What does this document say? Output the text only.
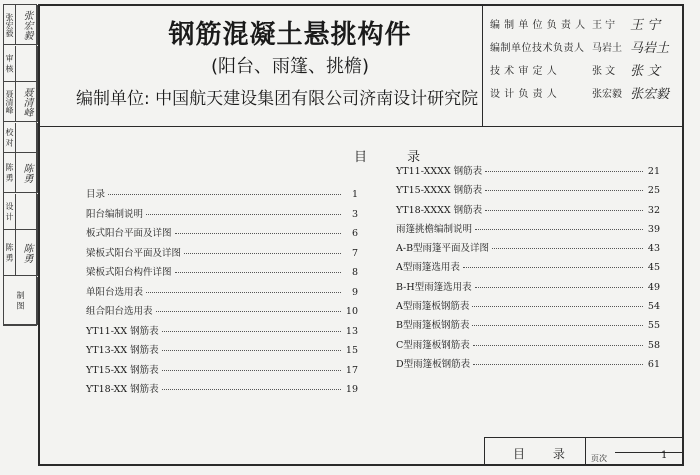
张宏毅 张宏毅
审 核
聂清峰 聂清峰
校 对
陈 勇 陈勇
设 计
陈 勇 陈勇
制 图
钢筋混凝土悬挑构件
(阳台、雨篷、挑檐)
编制单位: 中国航天建设集团有限公司济南设计研究院
编 制 单 位 负 责 人 王 宁	王 宁
编制单位技术负责人 马岩土 马岩土
技 术 审 定 人	张 文	张 文
设 计 负 责 人	张宏毅 张宏毅
目 录
目录	1
阳台编制说明	3
板式阳台平面及详图	6
梁板式阳台平面及详图	7
梁板式阳台构件详图	8
单阳台选用表	9
组合阳台选用表	10
YT11-XX 钢筋表	13
YT13-XX 钢筋表	15
YT15-XX 钢筋表	17
YT18-XX 钢筋表	19
YT11-XXXX 钢筋表	21
YT15-XXXX 钢筋表	25
YT18-XXXX 钢筋表	32
雨篷挑檐编制说明	39
A-B型雨篷平面及详图	43
A型雨篷选用表	45
B-H型雨篷选用表	49
A型雨篷板钢筋表	54
B型雨篷板钢筋表	55
C型雨篷板钢筋表	58
D型雨篷板钢筋表	61
目 录 页次	1
